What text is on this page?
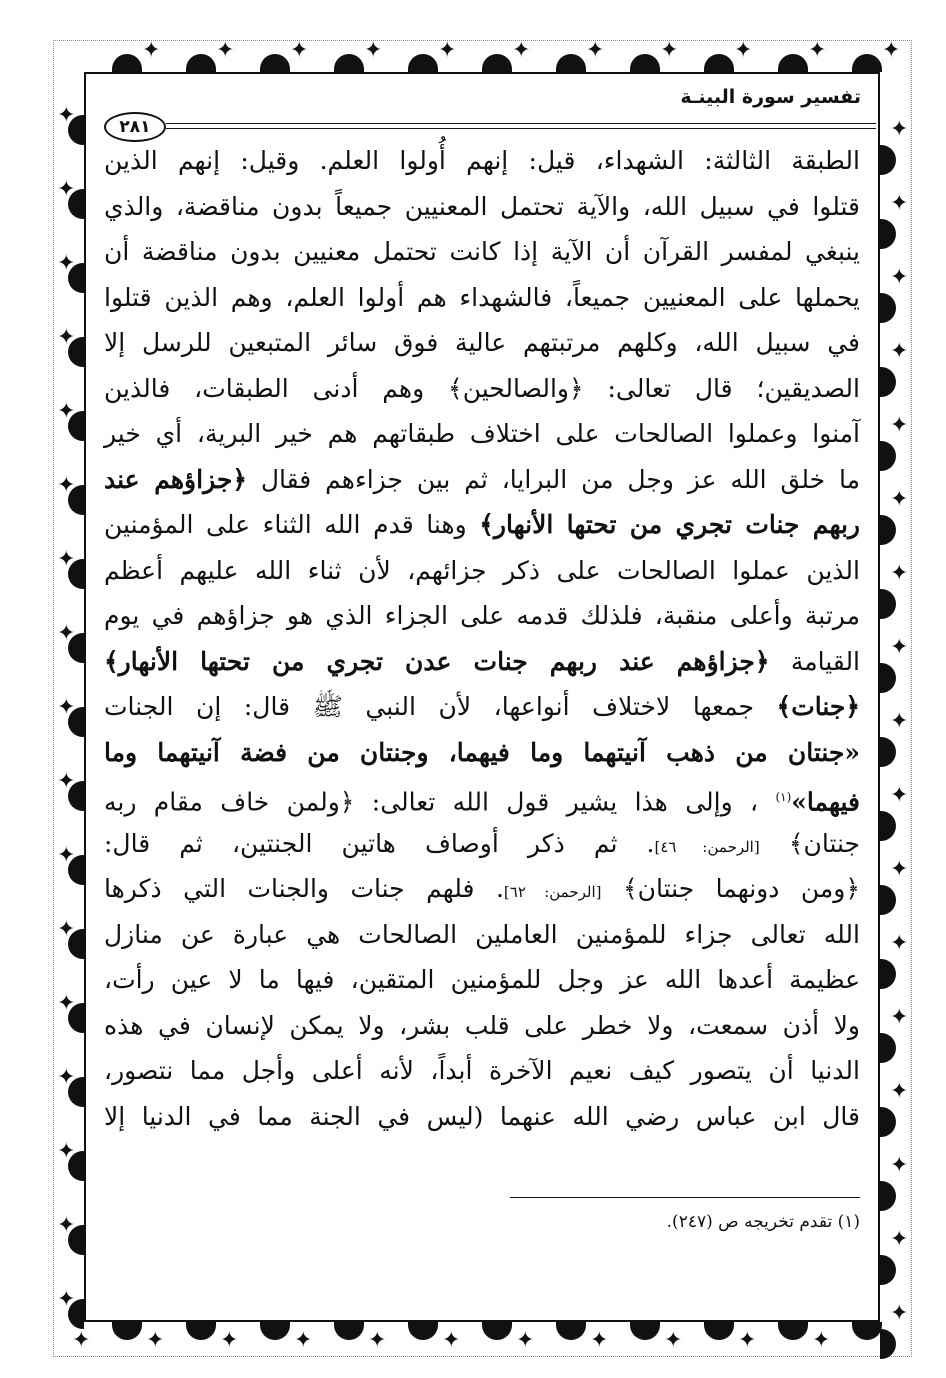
✦
✦
✦
✦
✦
✦
✦
✦
✦
✦
✦
✦
✦
✦
✦
✦
✦
✦
✦
✦
✦
✦
✦
✦
✦
✦
✦
✦
✦
✦
✦
✦
✦
✦
✦
✦
✦
✦
✦
✦
✦
✦
✦
✦
✦
✦
✦
✦
✦
✦
✦
✦
✦
✦
✦
✦
تفسير سورة البينـة
٢٨١
الطبقة الثالثة: الشهداء، قيل: إنهم أُولوا العلم. وقيل: إنهم الذين
قتلوا في سبيل الله، والآية تحتمل المعنيين جميعاً بدون مناقضة، والذي
ينبغي لمفسر القرآن أن الآية إذا كانت تحتمل معنيين بدون مناقضة أن
يحملها على المعنيين جميعاً، فالشهداء هم أولوا العلم، وهم الذين قتلوا
في سبيل الله، وكلهم مرتبتهم عالية فوق سائر المتبعين للرسل إلا
الصديقين؛ قال تعالى: ﴿والصالحين﴾ وهم أدنى الطبقات، فالذين
آمنوا وعملوا الصالحات على اختلاف طبقاتهم هم خير البرية، أي خير
ما خلق الله عز وجل من البرايا، ثم بين جزاءهم فقال ﴿جزاؤهم عند
ربهم جنات تجري من تحتها الأنهار﴾ وهنا قدم الله الثناء على المؤمنين
الذين عملوا الصالحات على ذكر جزائهم، لأن ثناء الله عليهم أعظم
مرتبة وأعلى منقبة، فلذلك قدمه على الجزاء الذي هو جزاؤهم في يوم
القيامة ﴿جزاؤهم عند ربهم جنات عدن تجري من تحتها الأنهار﴾
﴿جنات﴾ جمعها لاختلاف أنواعها، لأن النبي ﷺ قال: إن الجنات
«جنتان من ذهب آنيتهما وما فيهما، وجنتان من فضة آنيتهما وما
فيهما»$^{(١)}$ ، وإلى هذا يشير قول الله تعالى: ﴿ولمن خاف مقام ربه
جنتان﴾ [الرحمن: ٤٦]. ثم ذكر أوصاف هاتين الجنتين، ثم قال:
﴿ومن دونهما جنتان﴾ [الرحمن: ٦٢]. فلهم جنات والجنات التي ذكرها
الله تعالى جزاء للمؤمنين العاملين الصالحات هي عبارة عن منازل
عظيمة أعدها الله عز وجل للمؤمنين المتقين، فيها ما لا عين رأت،
ولا أذن سمعت، ولا خطر على قلب بشر، ولا يمكن لإنسان في هذه
الدنيا أن يتصور كيف نعيم الآخرة أبداً، لأنه أعلى وأجل مما نتصور،
قال ابن عباس رضي الله عنهما (ليس في الجنة مما في الدنيا إلا
(١) تقدم تخريجه ص (٢٤٧).
